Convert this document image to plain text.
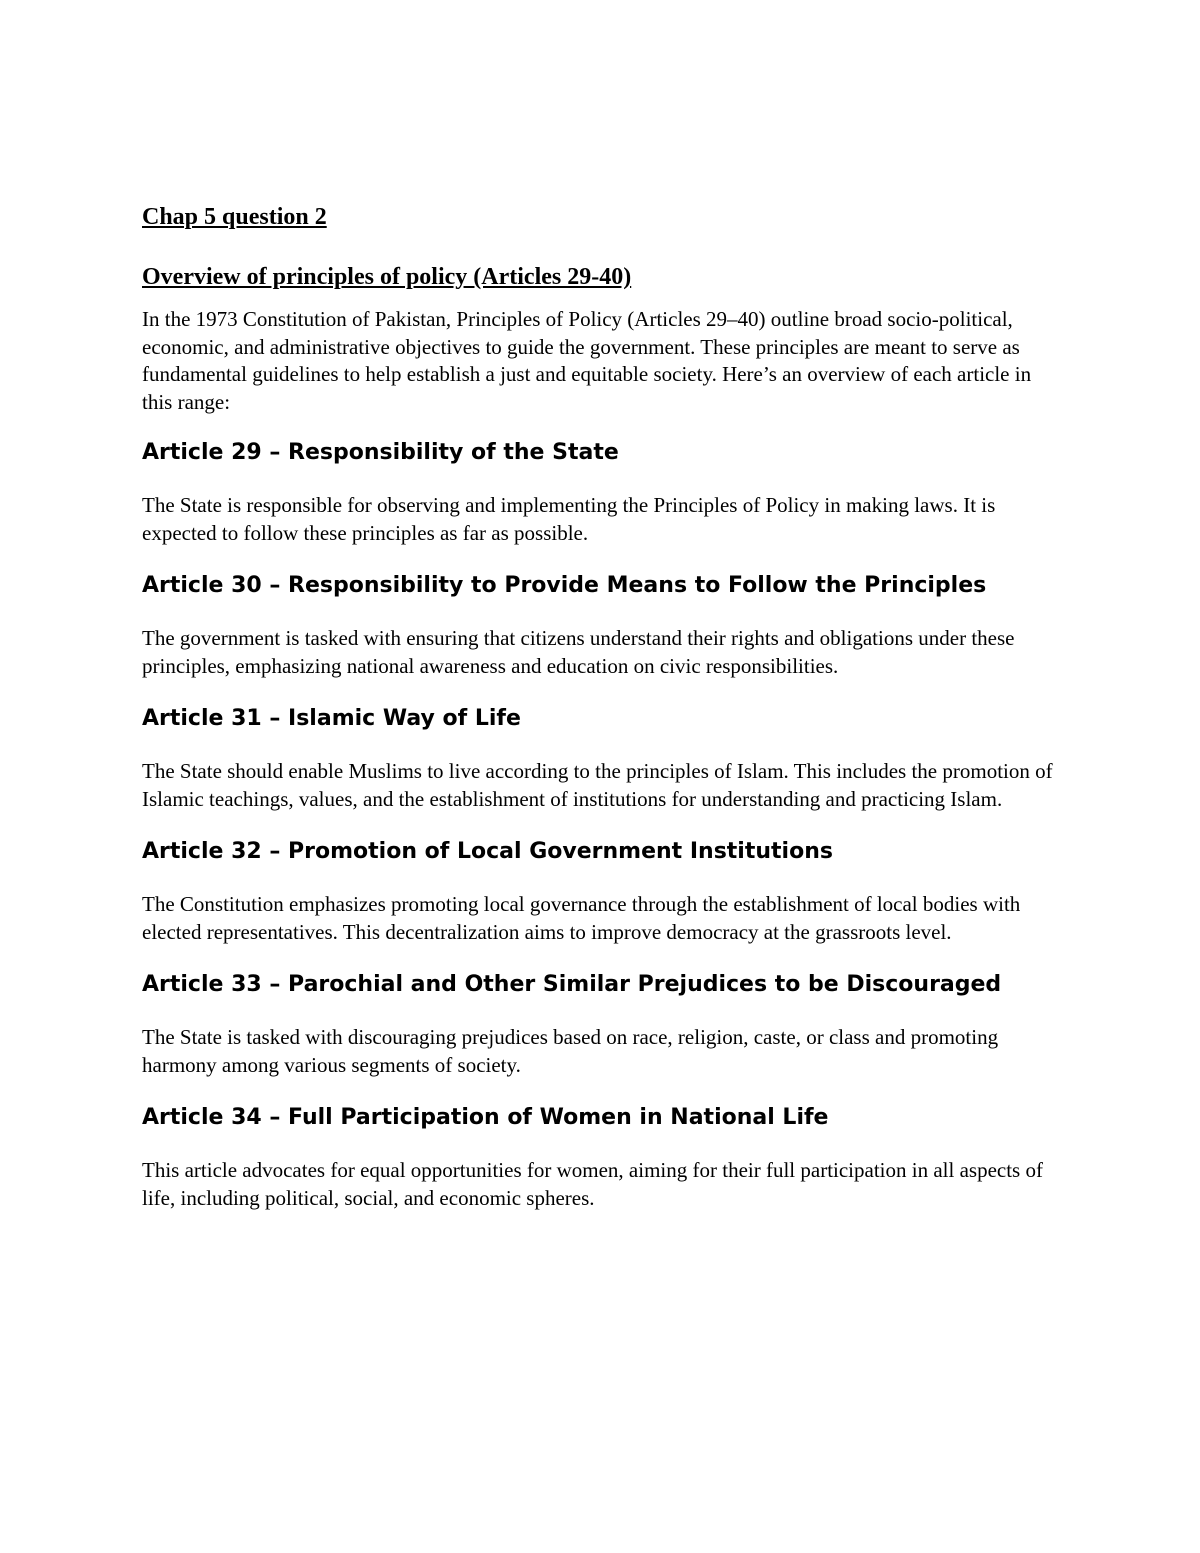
Chap 5 question 2
Overview of principles of policy (Articles 29-40)

In the 1973 Constitution of Pakistan, Principles of Policy (Articles 29–40) outline broad socio-political, economic, and administrative objectives to guide the government. These principles are meant to serve as fundamental guidelines to help establish a just and equitable society. Here’s an overview of each article in this range:

Article 29 – Responsibility of the State

The State is responsible for observing and implementing the Principles of Policy in making laws. It is expected to follow these principles as far as possible.

Article 30 – Responsibility to Provide Means to Follow the Principles

The government is tasked with ensuring that citizens understand their rights and obligations under these principles, emphasizing national awareness and education on civic responsibilities.

Article 31 – Islamic Way of Life

The State should enable Muslims to live according to the principles of Islam. This includes the promotion of Islamic teachings, values, and the establishment of institutions for understanding and practicing Islam.

Article 32 – Promotion of Local Government Institutions

The Constitution emphasizes promoting local governance through the establishment of local bodies with elected representatives. This decentralization aims to improve democracy at the grassroots level.

Article 33 – Parochial and Other Similar Prejudices to be Discouraged

The State is tasked with discouraging prejudices based on race, religion, caste, or class and promoting harmony among various segments of society.

Article 34 – Full Participation of Women in National Life

This article advocates for equal opportunities for women, aiming for their full participation in all aspects of life, including political, social, and economic spheres.
